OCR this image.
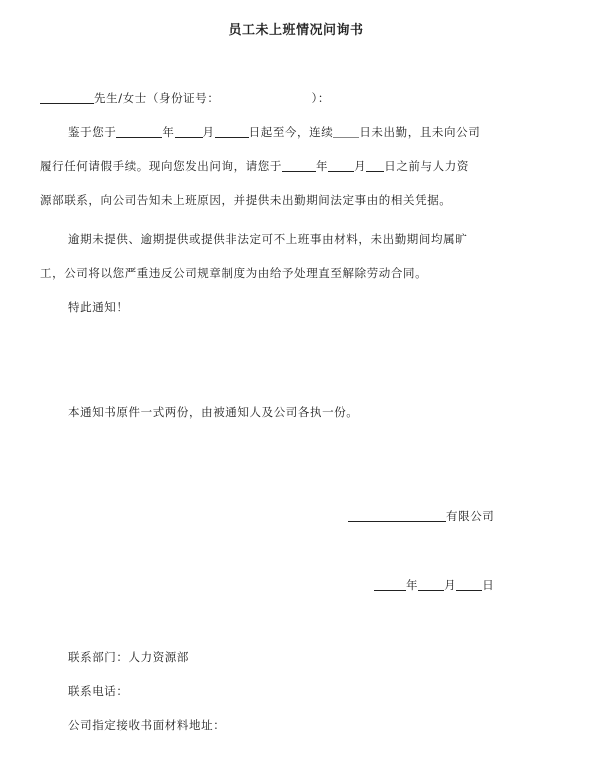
员工未上班情况问询书
先生/女士（身份证号：	）：
鉴于您于	年 月	日起至今，连续 日未出勤，且未向公司
履行任何请假手续。现向您发出问询，请您于	年 月 日之前与人力资
源部联系，向公司告知未上班原因，并提供未出勤期间法定事由的相关凭据。
逾期未提供、逾期提供或提供非法定可不上班事由材料，未出勤期间均属旷
工，公司将以您严重违反公司规章制度为由给予处理直至解除劳动合同。
特此通知！
本通知书原件一式两份，由被通知人及公司各执一份。
有限公司
年 月 日
联系部门：人力资源部
联系电话：
公司指定接收书面材料地址：
